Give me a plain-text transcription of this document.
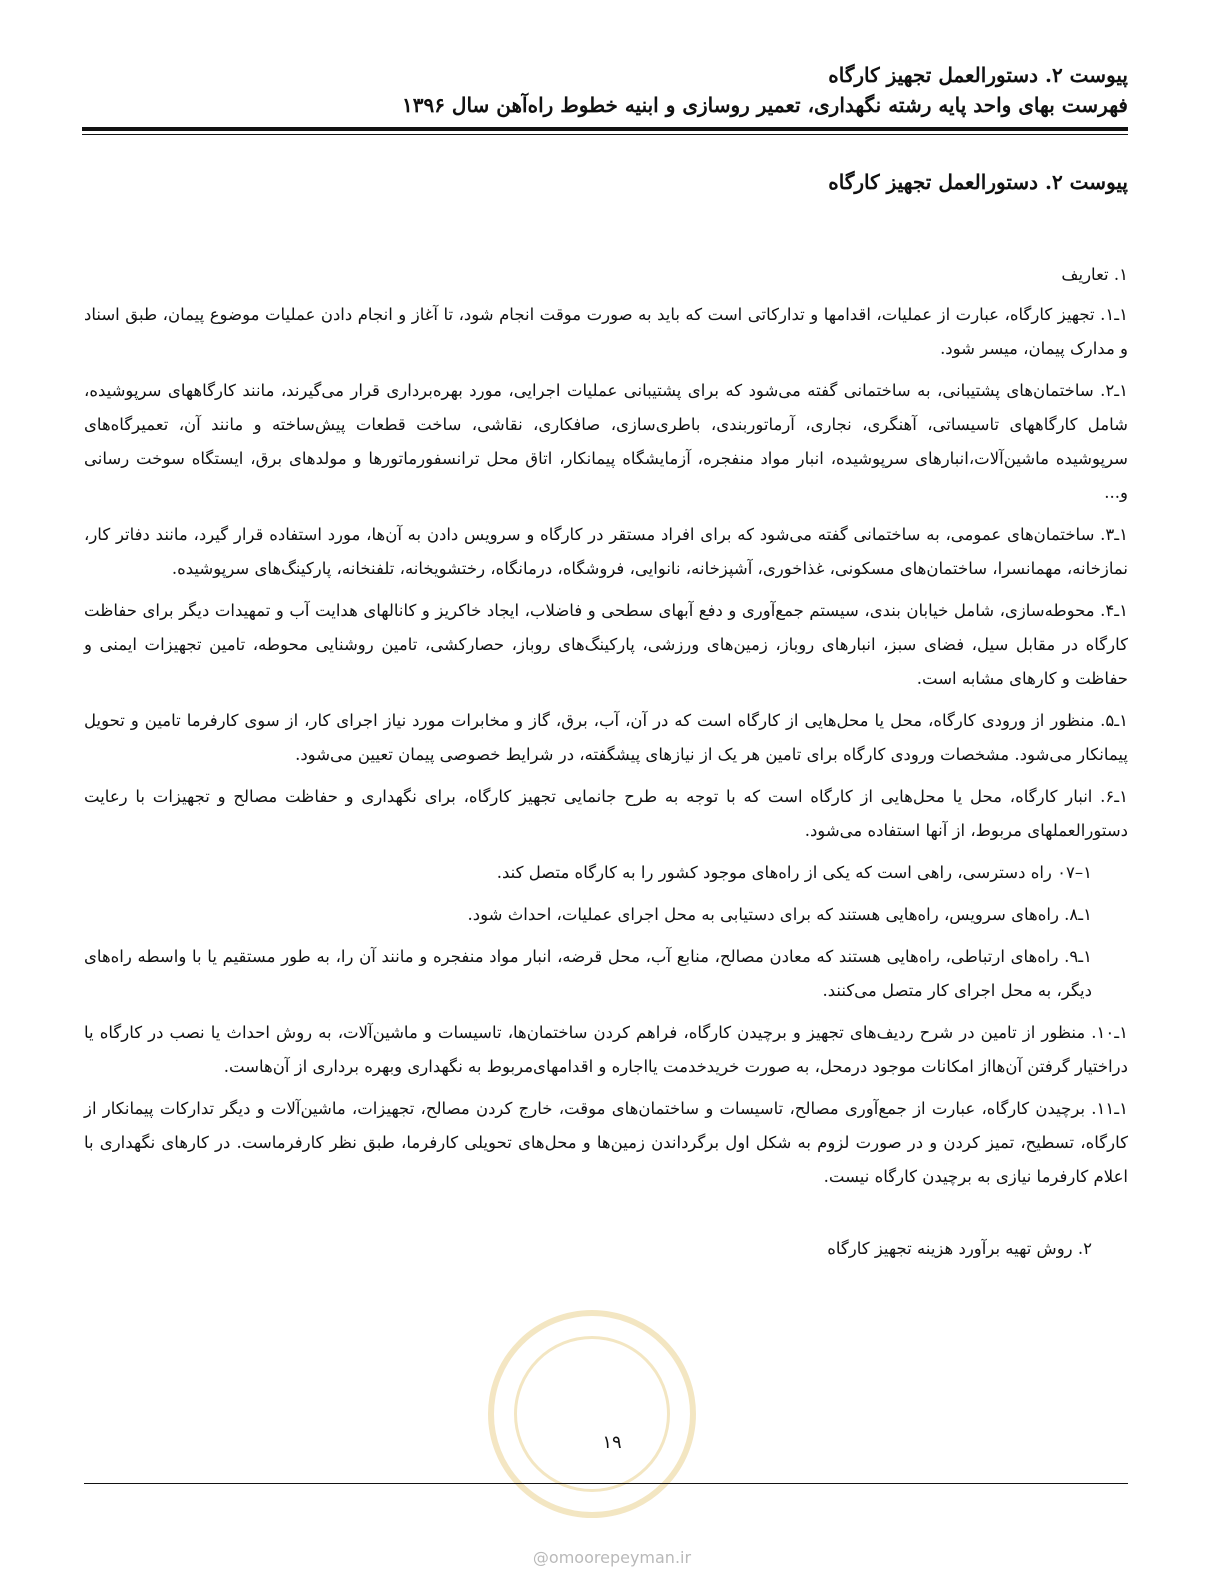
پیوست ۲. دستورالعمل تجهیز کارگاه
فهرست بهای واحد پایه رشته نگهداری، تعمیر روسازی و ابنیه خطوط راه‌آهن سال ۱۳۹۶
پیوست ۲. دستورالعمل تجهیز کارگاه

۱. تعاریف

۱ـ۱. تجهیز کارگاه، عبارت از عملیات، اقدامها و تدارکاتی است که باید به صورت موقت انجام شود، تا آغاز و انجام دادن عملیات موضوع پیمان، طبق اسناد و مدارک پیمان، میسر شود.

۱ـ۲. ساختمان‌های پشتیبانی، به ساختمانی گفته می‌شود که برای پشتیبانی عملیات اجرایی، مورد بهره‌برداری قرار می‌گیرند، مانند کارگاههای سرپوشیده، شامل کارگاههای تاسیساتی، آهنگری، نجاری، آرماتوربندی، باطری‌سازی، صافکاری، نقاشی، ساخت قطعات پیش‌ساخته و مانند آن، تعمیرگاه‌های سرپوشیده ماشین‌آلات،انبارهای سرپوشیده، انبار مواد منفجره، آزمایشگاه پیمانکار، اتاق محل ترانسفورماتورها و مولدهای برق، ایستگاه سوخت رسانی و...

۱ـ۳. ساختمان‌های عمومی، به ساختمانی گفته می‌شود که برای افراد مستقر در کارگاه و سرویس دادن به آن‌ها، مورد استفاده قرار گیرد، مانند دفاتر کار، نمازخانه، مهمانسرا، ساختمان‌های مسکونی، غذاخوری، آشپزخانه، نانوایی، فروشگاه، درمانگاه، رختشویخانه، تلفنخانه، پارکینگ‌های سرپوشیده.

۱ـ۴. محوطه‌سازی، شامل خیابان بندی، سیستم جمع‌آوری و دفع آبهای سطحی و فاضلاب، ایجاد خاکریز و کانالهای هدایت آب و تمهیدات دیگر برای حفاظت کارگاه در مقابل سیل، فضای سبز، انبارهای روباز، زمین‌های ورزشی، پارکینگ‌های روباز، حصارکشی، تامین روشنایی محوطه، تامین تجهیزات ایمنی و حفاظت و کارهای مشابه است.

۱ـ۵. منظور از ورودی کارگاه، محل یا محل‌هایی از کارگاه است که در آن، آب، برق، گاز و مخابرات مورد نیاز اجرای کار، از سوی کارفرما تامین و تحویل پیمانکار می‌شود. مشخصات ورودی کارگاه برای تامین هر یک از نیازهای پیشگفته، در شرایط خصوصی پیمان تعیین می‌شود.

۱ـ۶. انبار کارگاه، محل یا محل‌هایی از کارگاه است که با توجه به طرح جانمایی تجهیز کارگاه، برای نگهداری و حفاظت مصالح و تجهیزات با رعایت دستورالعملهای مربوط، از آنها استفاده می‌شود.

۱–۰۷ راه دسترسی، راهی است که یکی از راه‌های موجود کشور را به کارگاه متصل کند.

۱ـ۸. راه‌های سرویس، راه‌هایی هستند که برای دستیابی به محل اجرای عملیات، احداث شود.

۱ـ۹. راه‌های ارتباطی، راه‌هایی هستند که معادن مصالح، منابع آب، محل قرضه، انبار مواد منفجره و مانند آن را، به طور مستقیم یا با واسطه راه‌های دیگر، به محل اجرای کار متصل می‌کنند.

۱ـ۱۰. منظور از تامین در شرح ردیف‌های تجهیز و برچیدن کارگاه، فراهم کردن ساختمان‌ها، تاسیسات و ماشین‌آلات، به روش احداث یا نصب در کارگاه یا دراختیار گرفتن آن‌هااز امکانات موجود درمحل، به صورت خریدخدمت یااجاره و اقدامهای‌مربوط به نگهداری وبهره برداری از آن‌هاست.

۱ـ۱۱. برچیدن کارگاه، عبارت از جمع‌آوری مصالح، تاسیسات و ساختمان‌های موقت، خارج کردن مصالح، تجهیزات، ماشین‌آلات و دیگر تدارکات پیمانکار از کارگاه، تسطیح، تمیز کردن و در صورت لزوم به شکل اول برگرداندن زمین‌ها و محل‌های تحویلی کارفرما، طبق نظر کارفرماست. در کارهای نگهداری با اعلام کارفرما نیازی به برچیدن کارگاه نیست.

۲. روش تهیه برآورد هزینه تجهیز کارگاه

۱۹
@omoorepeyman.ir
